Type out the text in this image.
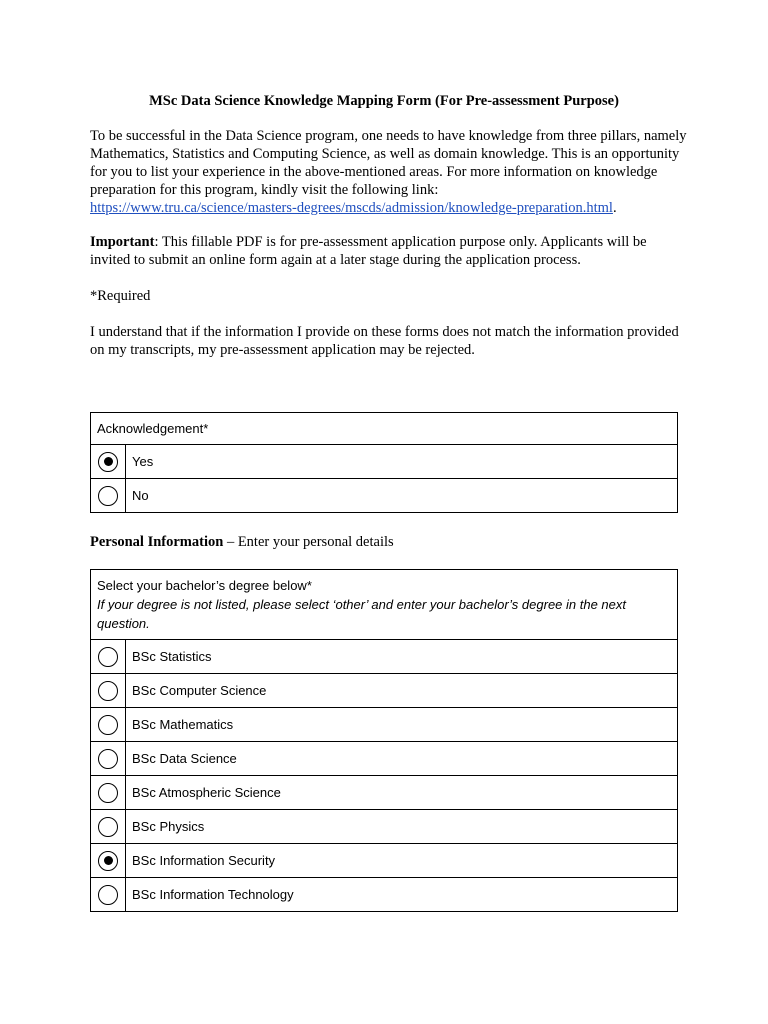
MSc Data Science Knowledge Mapping Form (For Pre-assessment Purpose)

To be successful in the Data Science program, one needs to have knowledge from three pillars, namely Mathematics, Statistics and Computing Science, as well as domain knowledge. This is an opportunity for you to list your experience in the above-mentioned areas. For more information on knowledge preparation for this program, kindly visit the following link:
https://www.tru.ca/science/masters-degrees/mscds/admission/knowledge-preparation.html.

Important: This fillable PDF is for pre-assessment application purpose only. Applicants will be invited to submit an online form again at a later stage during the application process.

*Required

I understand that if the information I provide on these forms does not match the information provided on my transcripts, my pre-assessment application may be rejected.

Acknowledgement*	
	Yes
	No
Personal Information – Enter your personal details
Select your bachelor’s degree below*
If your degree is not listed, please select ‘other’ and enter your bachelor’s degree in the next question.	

	BSc Statistics
	BSc Computer Science
	BSc Mathematics
	BSc Data Science
	BSc Atmospheric Science
	BSc Physics
	BSc Information Security
	BSc Information Technology
